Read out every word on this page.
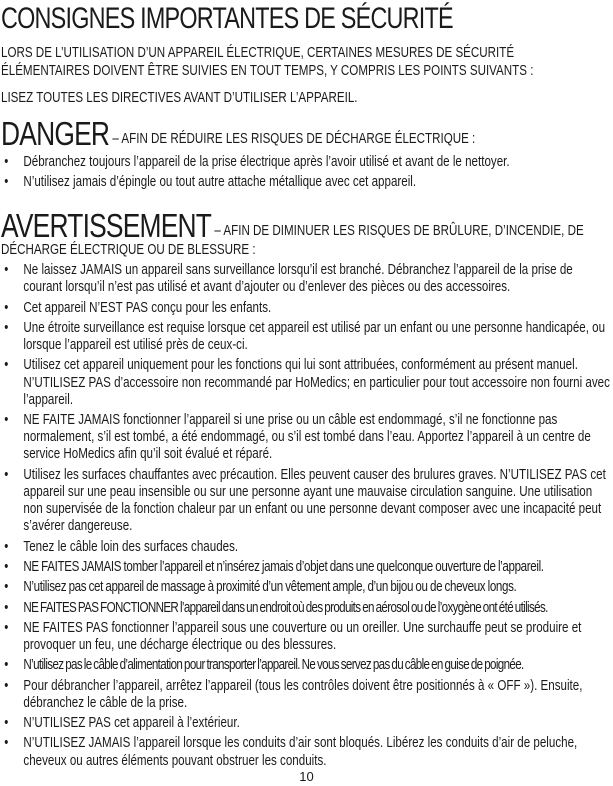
CONSIGNES IMPORTANTES DE SÉCURITÉ

LORS DE L’UTILISATION D’UN APPAREIL ÉLECTRIQUE, CERTAINES MESURES DE SÉCURITÉ ÉLÉMENTAIRES DOIVENT ÊTRE SUIVIES EN TOUT TEMPS, Y COMPRIS LES POINTS SUIVANTS :

LISEZ TOUTES LES DIRECTIVES AVANT D’UTILISER L’APPAREIL.

DANGER – AFIN DE RÉDUIRE LES RISQUES DE DÉCHARGE ÉLECTRIQUE :

• Débranchez toujours l’appareil de la prise électrique après l’avoir utilisé et avant de le nettoyer.
• N’utilisez jamais d’épingle ou tout autre attache métallique avec cet appareil.

AVERTISSEMENT – AFIN DE DIMINUER LES RISQUES DE BRÛLURE, D’INCENDIE, DE DÉCHARGE ÉLECTRIQUE OU DE BLESSURE :

• Ne laissez JAMAIS un appareil sans surveillance lorsqu’il est branché. Débranchez l’appareil de la prise de courant lorsqu’il n’est pas utilisé et avant d’ajouter ou d’enlever des pièces ou des accessoires.
• Cet appareil N’EST PAS conçu pour les enfants.
• Une étroite surveillance est requise lorsque cet appareil est utilisé par un enfant ou une personne handicapée, ou lorsque l’appareil est utilisé près de ceux-ci.
• Utilisez cet appareil uniquement pour les fonctions qui lui sont attribuées, conformément au présent manuel. N’UTILISEZ PAS d’accessoire non recommandé par HoMedics; en particulier pour tout accessoire non fourni avec l’appareil.
• NE FAITE JAMAIS fonctionner l’appareil si une prise ou un câble est endommagé, s’il ne fonctionne pas normalement, s’il est tombé, a été endommagé, ou s’il est tombé dans l’eau. Apportez l’appareil à un centre de service HoMedics afin qu’il soit évalué et réparé.
• Utilisez les surfaces chauffantes avec précaution. Elles peuvent causer des brulures graves. N’UTILISEZ PAS cet appareil sur une peau insensible ou sur une personne ayant une mauvaise circulation sanguine. Une utilisation non supervisée de la fonction chaleur par un enfant ou une personne devant composer avec une incapacité peut s’avérer dangereuse.
• Tenez le câble loin des surfaces chaudes.
• NE FAITES JAMAIS tomber l’appareil et n’insérez jamais d’objet dans une quelconque ouverture de l’appareil.
• N’utilisez pas cet appareil de massage à proximité d’un vêtement ample, d’un bijou ou de cheveux longs.
• NE FAITES PAS FONCTIONNER l’appareil dans un endroit où des produits en aérosol ou de l’oxygène ont été utilisés.
• NE FAITES PAS fonctionner l’appareil sous une couverture ou un oreiller. Une surchauffe peut se produire et provoquer un feu, une décharge électrique ou des blessures.
• N’utilisez pas le câble d’alimentation pour transporter l’appareil. Ne vous servez pas du câble en guise de poignée.
• Pour débrancher l’appareil, arrêtez l’appareil (tous les contrôles doivent être positionnés à « OFF »). Ensuite, débranchez le câble de la prise.
• N’UTILISEZ PAS cet appareil à l’extérieur.
• N’UTILISEZ JAMAIS l’appareil lorsque les conduits d’air sont bloqués. Libérez les conduits d’air de peluche, cheveux ou autres éléments pouvant obstruer les conduits.

10
